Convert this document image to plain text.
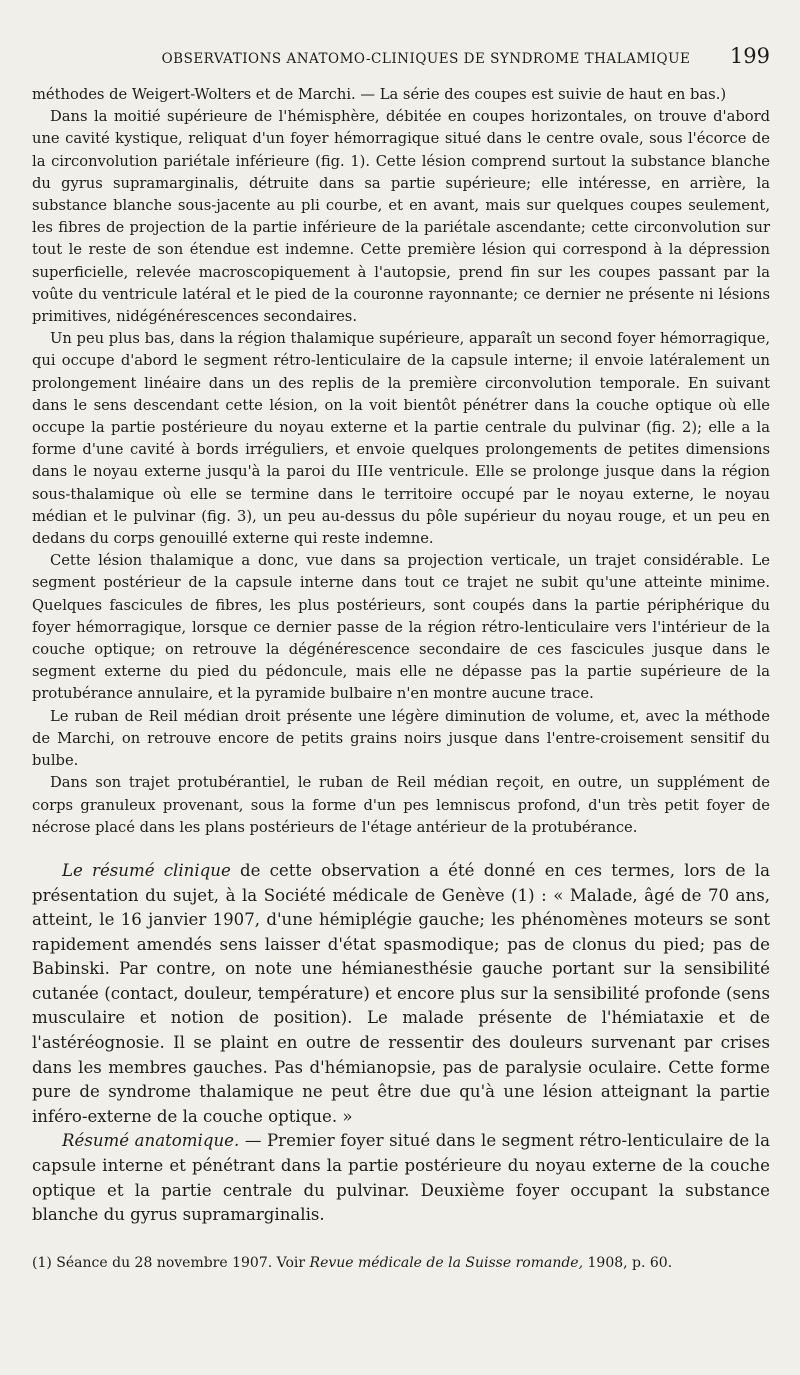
OBSERVATIONS ANATOMO-CLINIQUES DE SYNDROME THALAMIQUE	199

méthodes de Weigert-Wolters et de Marchi. — La série des coupes est suivie de haut en bas.)

Dans la moitié supérieure de l'hémisphère, débitée en coupes horizontales, on trouve d'abord une cavité kystique, reliquat d'un foyer hémorragique situé dans le centre ovale, sous l'écorce de la circonvolution pariétale inférieure (fig. 1). Cette lésion comprend surtout la substance blanche du gyrus supramarginalis, détruite dans sa partie supérieure; elle intéresse, en arrière, la substance blanche sous-jacente au pli courbe, et en avant, mais sur quelques coupes seulement, les fibres de projection de la partie inférieure de la pariétale ascendante; cette circonvolution sur tout le reste de son étendue est indemne. Cette première lésion qui correspond à la dépression superficielle, relevée macroscopiquement à l'autopsie, prend fin sur les coupes passant par la voûte du ventricule latéral et le pied de la couronne rayonnante; ce dernier ne présente ni lésions primitives, nidégénérescences secondaires.

Un peu plus bas, dans la région thalamique supérieure, apparaît un second foyer hémorragique, qui occupe d'abord le segment rétro-lenticulaire de la capsule interne; il envoie latéralement un prolongement linéaire dans un des replis de la première circonvolution temporale. En suivant dans le sens descendant cette lésion, on la voit bientôt pénétrer dans la couche optique où elle occupe la partie postérieure du noyau externe et la partie centrale du pulvinar (fig. 2); elle a la forme d'une cavité à bords irréguliers, et envoie quelques prolongements de petites dimensions dans le noyau externe jusqu'à la paroi du IIIe ventricule. Elle se prolonge jusque dans la région sous-thalamique où elle se termine dans le territoire occupé par le noyau externe, le noyau médian et le pulvinar (fig. 3), un peu au-dessus du pôle supérieur du noyau rouge, et un peu en dedans du corps genouillé externe qui reste indemne.

Cette lésion thalamique a donc, vue dans sa projection verticale, un trajet considérable. Le segment postérieur de la capsule interne dans tout ce trajet ne subit qu'une atteinte minime. Quelques fascicules de fibres, les plus postérieurs, sont coupés dans la partie périphérique du foyer hémorragique, lorsque ce dernier passe de la région rétro-lenticulaire vers l'intérieur de la couche optique; on retrouve la dégénérescence secondaire de ces fascicules jusque dans le segment externe du pied du pédoncule, mais elle ne dépasse pas la partie supérieure de la protubérance annulaire, et la pyramide bulbaire n'en montre aucune trace.

Le ruban de Reil médian droit présente une légère diminution de volume, et, avec la méthode de Marchi, on retrouve encore de petits grains noirs jusque dans l'entre-croisement sensitif du bulbe.

Dans son trajet protubérantiel, le ruban de Reil médian reçoit, en outre, un supplément de corps granuleux provenant, sous la forme d'un pes lemniscus profond, d'un très petit foyer de nécrose placé dans les plans postérieurs de l'étage antérieur de la protubérance.

Le résumé clinique de cette observation a été donné en ces termes, lors de la présentation du sujet, à la Société médicale de Genève (1) : « Malade, âgé de 70 ans, atteint, le 16 janvier 1907, d'une hémiplégie gauche; les phénomènes moteurs se sont rapidement amendés sens laisser d'état spasmodique; pas de clonus du pied; pas de Babinski. Par contre, on note une hémianesthésie gauche portant sur la sensibilité cutanée (contact, douleur, température) et encore plus sur la sensibilité profonde (sens musculaire et notion de position). Le malade présente de l'hémiataxie et de l'astéréognosie. Il se plaint en outre de ressentir des douleurs survenant par crises dans les membres gauches. Pas d'hémianopsie, pas de paralysie oculaire. Cette forme pure de syndrome thalamique ne peut être due qu'à une lésion atteignant la partie inféro-externe de la couche optique. »

Résumé anatomique. — Premier foyer situé dans le segment rétro-lenticulaire de la capsule interne et pénétrant dans la partie postérieure du noyau externe de la couche optique et la partie centrale du pulvinar. Deuxième foyer occupant la substance blanche du gyrus supramarginalis.

(1) Séance du 28 novembre 1907. Voir Revue médicale de la Suisse romande, 1908, p. 60.
